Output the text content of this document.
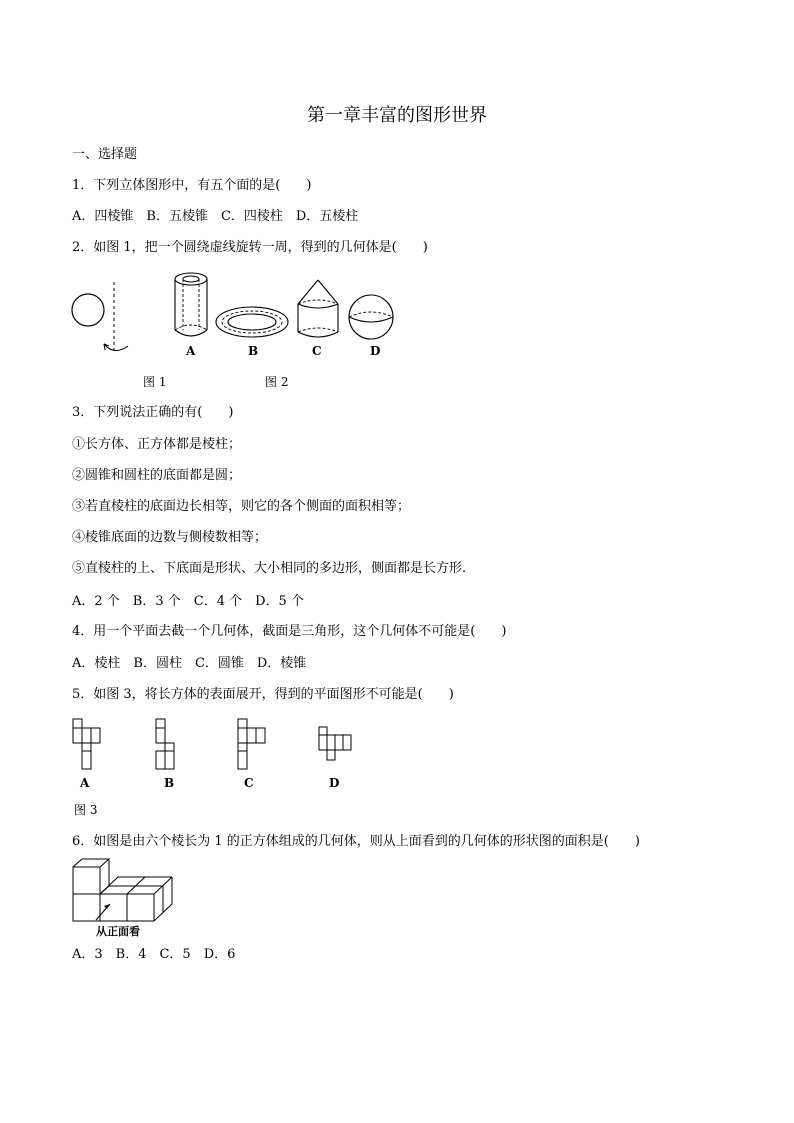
第一章丰富的图形世界
一、选择题
1．下列立体图形中，有五个面的是(　　)
A．四棱锥　B．五棱锥　C．四棱柱　D．五棱柱
2．如图 1，把一个圆绕虚线旋转一周，得到的几何体是(　　)
A	B	C	D
图 1	图 2
3．下列说法正确的有(　　)
①长方体、正方体都是棱柱；
②圆锥和圆柱的底面都是圆；
③若直棱柱的底面边长相等，则它的各个侧面的面积相等；
④棱锥底面的边数与侧棱数相等；
⑤直棱柱的上、下底面是形状、大小相同的多边形，侧面都是长方形.
A．2 个　B．3 个　C．4 个　D．5 个
4．用一个平面去截一个几何体，截面是三角形，这个几何体不可能是(　　)
A．棱柱　B．圆柱　C．圆锥　D．棱锥
5．如图 3，将长方体的表面展开，得到的平面图形不可能是(　　)
A	B	C	D
图 3
6．如图是由六个棱长为 1 的正方体组成的几何体，则从上面看到的几何体的形状图的面积是(　　)
从正面看
A．3　B．4　C．5　D．6
